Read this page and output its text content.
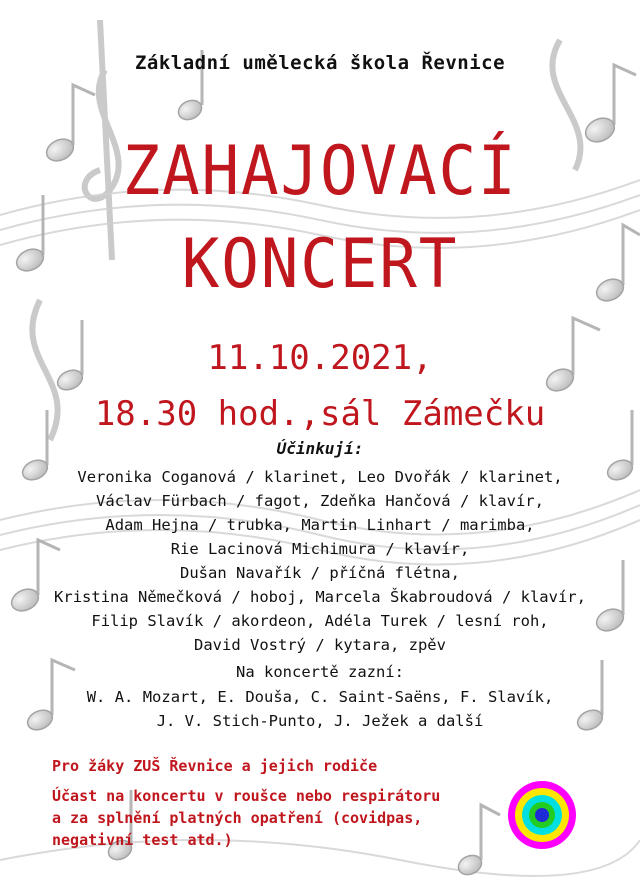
Základní umělecká škola Řevnice
ZAHAJOVACÍ
KONCERT
11.10.2021,
18.30 hod.,sál Zámečku
Účinkují:
Veronika Coganová / klarinet, Leo Dvořák / klarinet,
Václav Fürbach / fagot, Zdeňka Hančová / klavír,
Adam Hejna / trubka, Martin Linhart / marimba,
Rie Lacinová Michimura / klavír,
Dušan Navařík / příčná flétna,
Kristina Němečková / hoboj, Marcela Škabroudová / klavír,
Filip Slavík / akordeon, Adéla Turek / lesní roh,
David Vostrý / kytara, zpěv
Na koncertě zazní:
W. A. Mozart, E. Douša, C. Saint-Saëns, F. Slavík,
J. V. Stich-Punto, J. Ježek a další
Pro žáky ZUŠ Řevnice a jejich rodiče
Účast na koncertu v roušce nebo respirátoru
a za splnění platných opatření (covidpas,
negativní test atd.)
